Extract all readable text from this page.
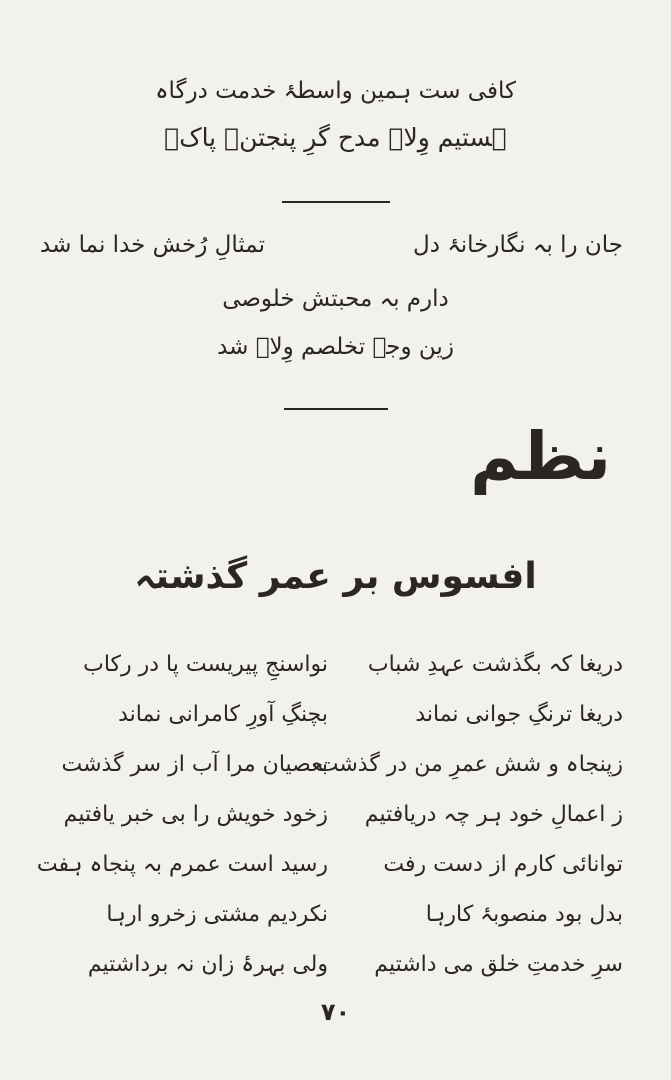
کافی ست ہمین واسطۂ خدمت درگاہ
ہستیم وِلاؔ مدح گرِ پنجتنؒ پاکؑ
جان را بہ نگارخانۂ دل
تمثالِ رُخش خدا نما شد
دارم بہ محبتش خلوصی
زین وجہ تخلصم وِلاؔ شد
نظم
افسوس بر عمر گذشتہ
دریغا کہ بگذشت عہدِ شباب
نواسنجِ پیریست پا در رکاب
دریغا ترنگِ جوانی نماند
بچنگِ آورِ کامرانی نماند
زپنجاہ و شش عمرِ من در گذشت
بعصیان مرا آب از سر گذشت
ز اعمالِ خود ہر چہ دریافتیم
زخود خویش را بی خبر یافتیم
توانائی کارم از دست رفت
رسید است عمرم بہ پنجاہ ہفت
بدل بود منصوبۂ کارہا
نکردیم مشتی زخرو ارہا
سرِ خدمتِ خلق می داشتیم
ولی بہرۂ زان نہ برداشتیم
۷۰
